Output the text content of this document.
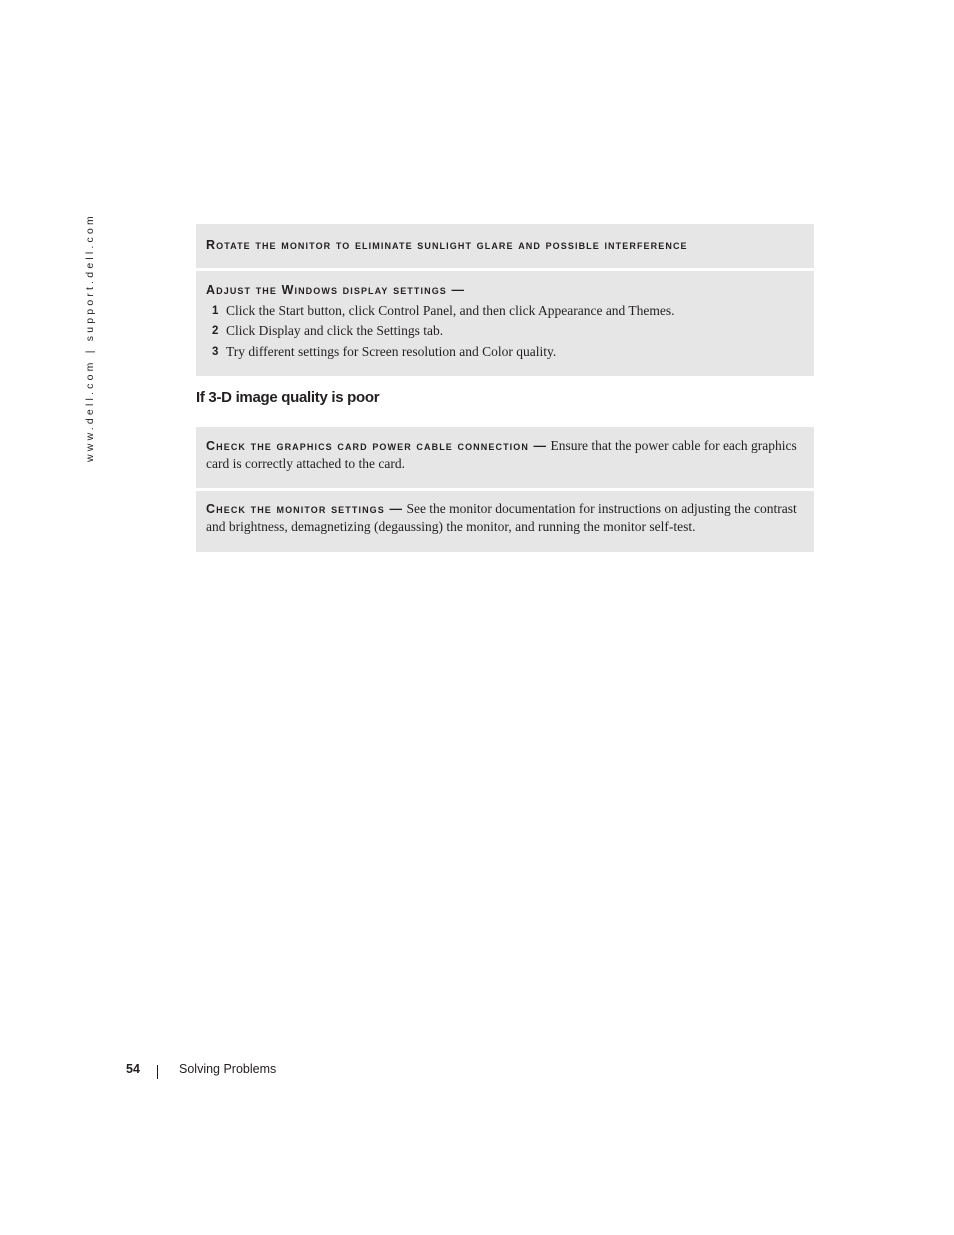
www.dell.com | support.dell.com	Rotate the monitor to eliminate sunlight glare and possible interference
Adjust the Windows display settings —
1 Click the Start button, click Control Panel, and then click Appearance and Themes.
2 Click Display and click the Settings tab.
3 Try different settings for Screen resolution and Color quality.
If 3-D image quality is poor
Check the graphics card power cable connection — Ensure that the power cable for each graphics card is correctly attached to the card.
Check the monitor settings — See the monitor documentation for instructions on adjusting the contrast and brightness, demagnetizing (degaussing) the monitor, and running the monitor self-test.
54	Solving Problems
